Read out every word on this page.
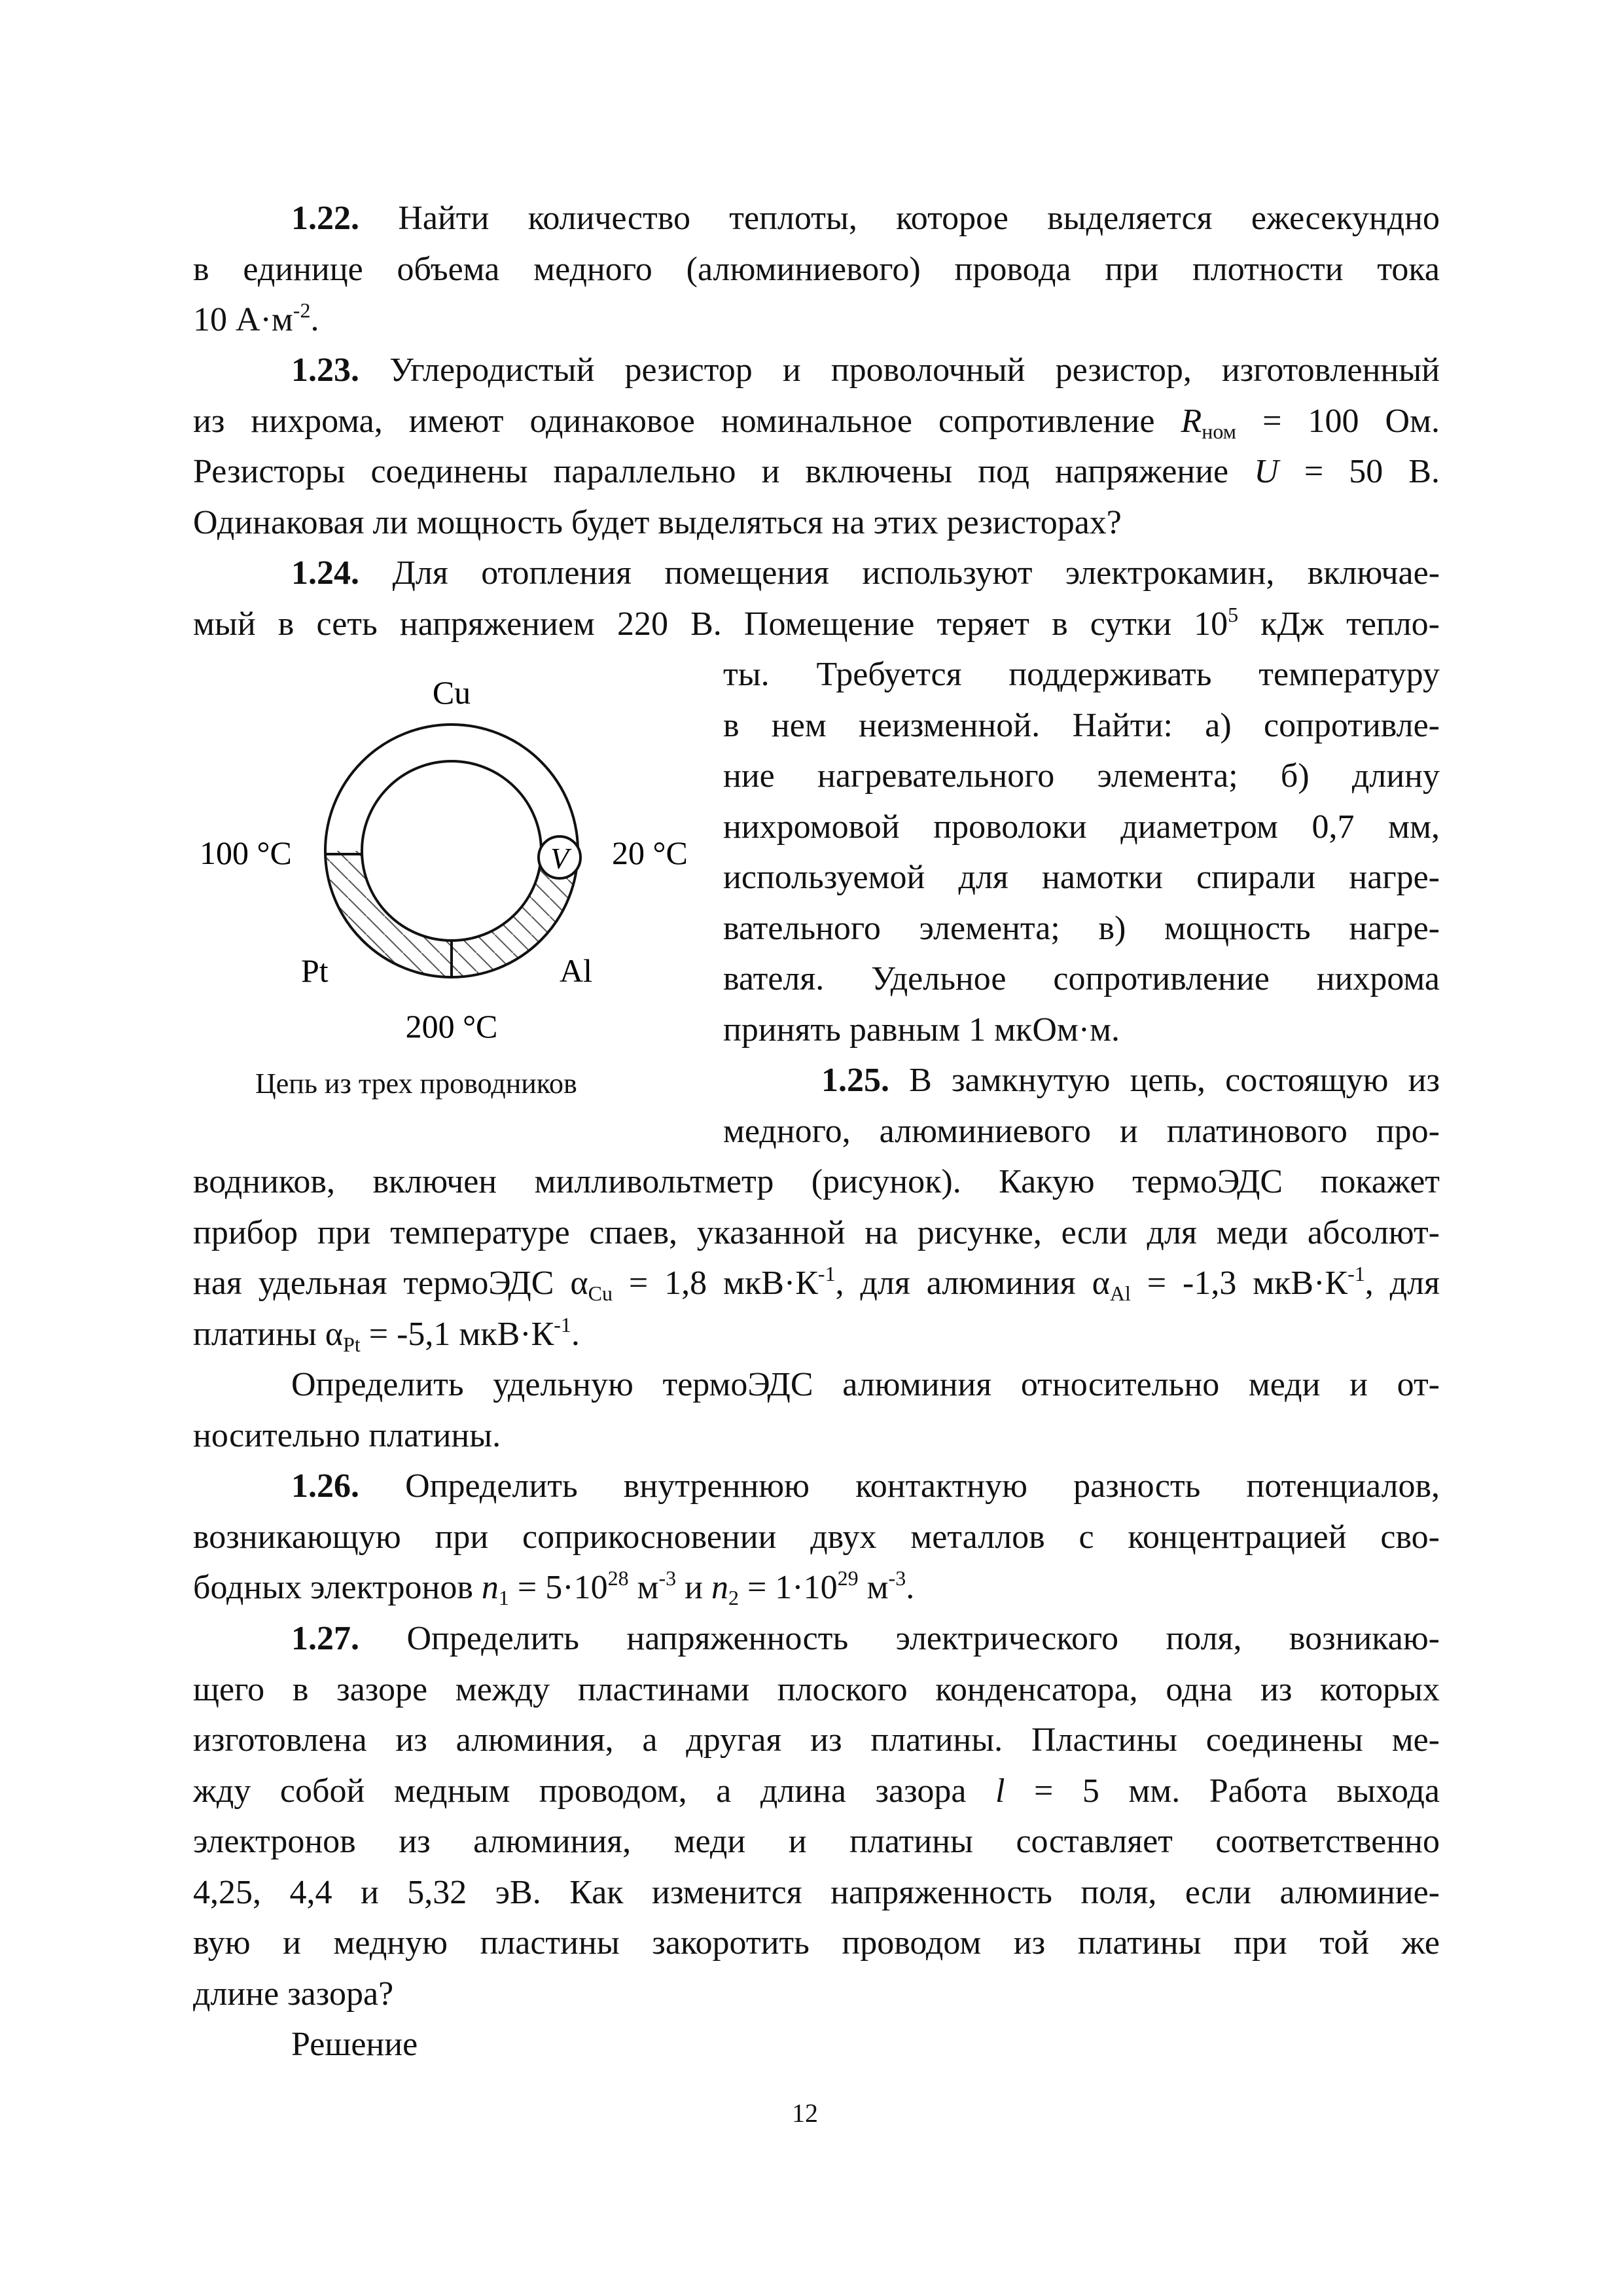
1.22. Найти количество теплоты, которое выделяется ежесекундно
в единице объема медного (алюминиевого) провода при плотности тока
10 $А\cdot м^{-2}$.
1.23. Углеродистый резистор и проволочный резистор, изготовленный
из нихрома, имеют одинаковое номинальное сопротивление $R_{ном} = 100$ Ом.
Резисторы соединены параллельно и включены под напряжение U = 50 В.
Одинаковая ли мощность будет выделяться на этих резисторах?
1.24. Для отопления помещения используют электрокамин, включае-
мый в сеть напряжением 220 В. Помещение теряет в сутки $10^5$ кДж тепло-
ты. Требуется поддерживать температуру
в нем неизменной. Найти: а) сопротивле-
ние нагревательного элемента; б) длину
нихромовой проволоки диаметром 0,7 мм,
используемой для намотки спирали нагре-
вательного элемента; в) мощность нагре-
вателя. Удельное сопротивление нихрома
принять равным 1 мкОм·м.
1.25. В замкнутую цепь, состоящую из
медного, алюминиевого и платинового про-
V
Cu
100 °C	20 °C
Pt	Al
200 °C
Цепь из трех проводников
водников, включен милливольтметр (рисунок). Какую термоЭДС покажет
прибор при температуре спаев, указанной на рисунке, если для меди абсолют-
ная удельная термоЭДС $\alpha_{Cu} = 1,8$ $мкВ\cdot К^{-1}$, для алюминия $\alpha_{Al} = -1,3$ $мкВ\cdot К^{-1}$, для
платины $\alpha_{Pt} = -5,1$ $мкВ\cdot К^{-1}$.
Определить удельную термоЭДС алюминия относительно меди и от-
носительно платины.
1.26. Определить внутреннюю контактную разность потенциалов,
возникающую при соприкосновении двух металлов с концентрацией сво-
бодных электронов $n_1 = 5\cdot 10^{28}$ $м^{-3}$ и $n_2 = 1\cdot 10^{29}$ $м^{-3}$.
1.27. Определить напряженность электрического поля, возникаю-
щего в зазоре между пластинами плоского конденсатора, одна из которых
изготовлена из алюминия, а другая из платины. Пластины соединены ме-
жду собой медным проводом, а длина зазора l = 5 мм. Работа выхода
электронов из алюминия, меди и платины составляет соответственно
4,25, 4,4 и 5,32 эВ. Как изменится напряженность поля, если алюминие-
вую и медную пластины закоротить проводом из платины при той же
длине зазора?
Решение
12
